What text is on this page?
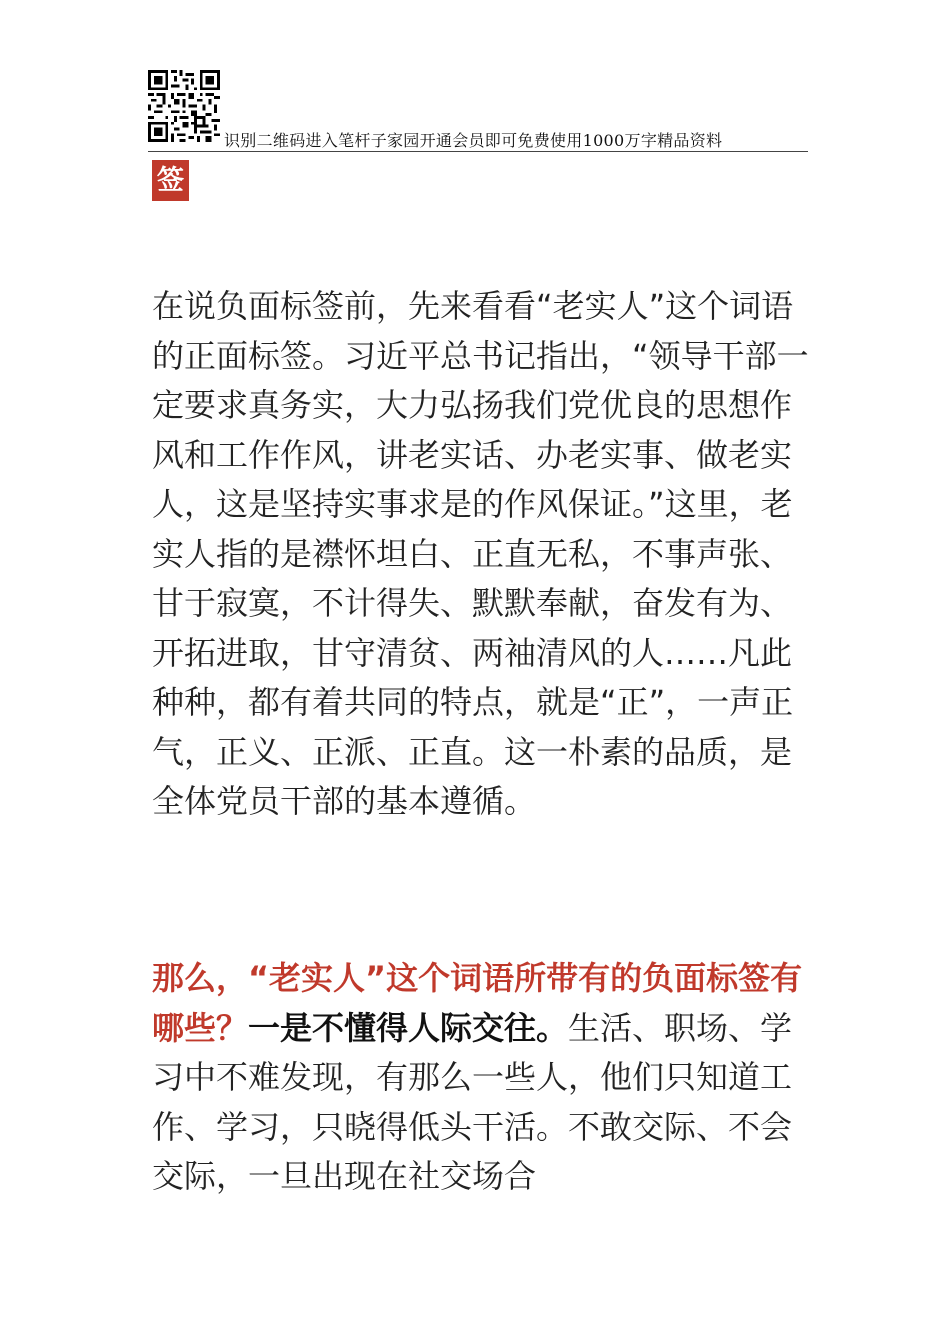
识别二维码进入笔杆子家园开通会员即可免费使用1000万字精品资料
签

在说负面标签前，先来看看“老实人”这个词语的正面标签。习近平总书记指出，“领导干部一定要求真务实，大力弘扬我们党优良的思想作风和工作作风，讲老实话、办老实事、做老实人，这是坚持实事求是的作风保证。”这里，老实人指的是襟怀坦白、正直无私，不事声张、甘于寂寞，不计得失、默默奉献，奋发有为、开拓进取，甘守清贫、两袖清风的人……凡此种种，都有着共同的特点，就是“正”，一声正气，正义、正派、正直。这一朴素的品质，是全体党员干部的基本遵循。

那么，“老实人”这个词语所带有的负面标签有哪些？一是不懂得人际交往。生活、职场、学习中不难发现，有那么一些人，他们只知道工作、学习，只晓得低头干活。不敢交际、不会交际，一旦出现在社交场合
